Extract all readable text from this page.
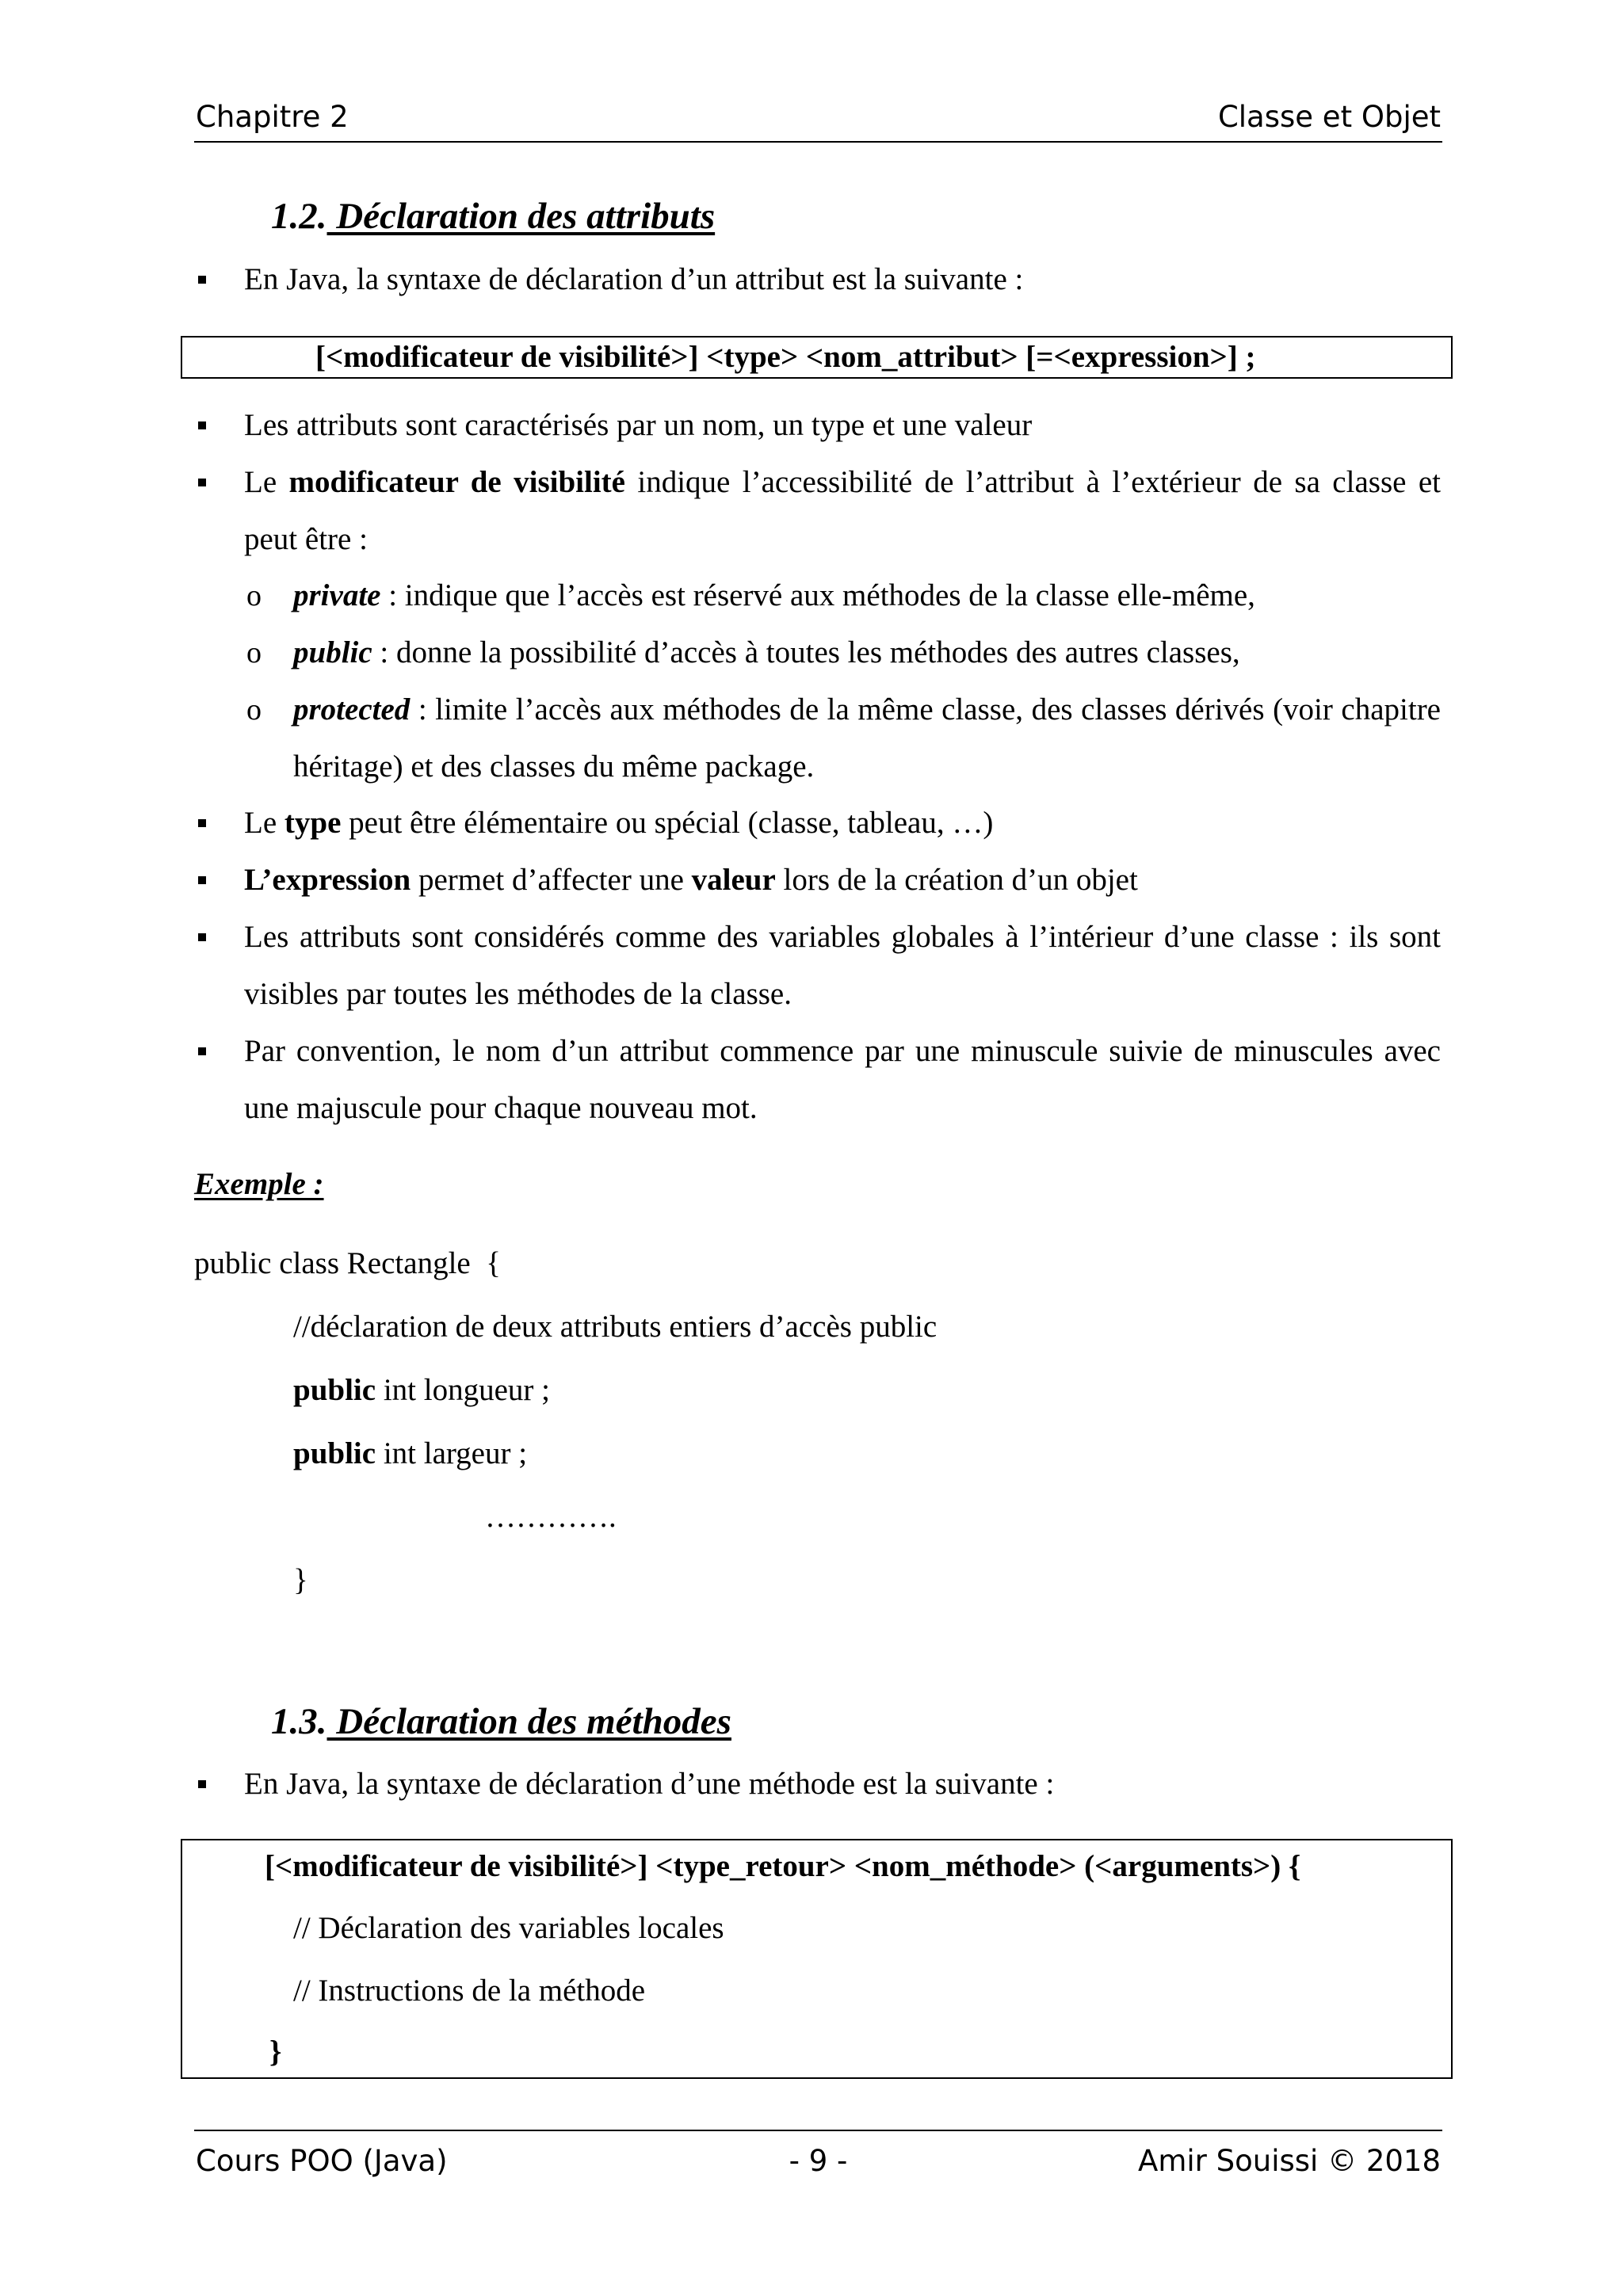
Chapitre 2	Classe et Objet
1.2. Déclaration des attributs
En Java, la syntaxe de déclaration d’un attribut est la suivante :
[<modificateur de visibilité>] <type> <nom_attribut> [=<expression>] ;
Les attributs sont caractérisés par un nom, un type et une valeur
Le modificateur de visibilité indique l’accessibilité de l’attribut à l’extérieur de sa classe et peut être :
o private : indique que l’accès est réservé aux méthodes de la classe elle-même,
o public : donne la possibilité d’accès à toutes les méthodes des autres classes,
o protected : limite l’accès aux méthodes de la même classe, des classes dérivés (voir chapitre héritage) et des classes du même package.
Le type peut être élémentaire ou spécial (classe, tableau, …)
L’expression permet d’affecter une valeur lors de la création d’un objet
Les attributs sont considérés comme des variables globales à l’intérieur d’une classe : ils sont visibles par toutes les méthodes de la classe.
Par convention, le nom d’un attribut commence par une minuscule suivie de minuscules avec une majuscule pour chaque nouveau mot.
Exemple :
public class Rectangle  {
//déclaration de deux attributs entiers d’accès public
public int longueur ;
public int largeur ;
………….
}
1.3. Déclaration des méthodes
En Java, la syntaxe de déclaration d’une méthode est la suivante :
[<modificateur de visibilité>] <type_retour> <nom_méthode> (<arguments>) {
// Déclaration des variables locales
// Instructions de la méthode
}
Cours POO (Java)	- 9 -	Amir Souissi © 2018
